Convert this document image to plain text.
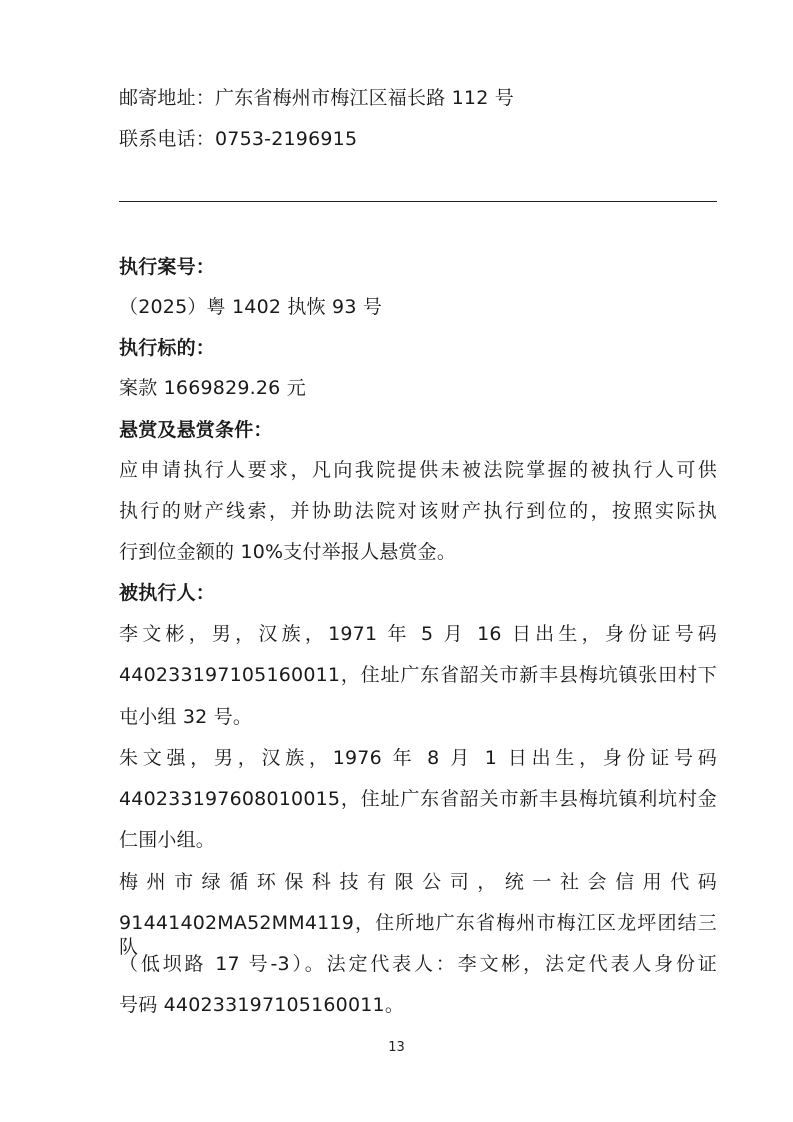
邮寄地址：广东省梅州市梅江区福长路 112 号
联系电话：0753-2196915
执行案号：
（2025）粤 1402 执恢 93 号
执行标的：
案款 1669829.26 元
悬赏及悬赏条件：
应申请执行人要求，凡向我院提供未被法院掌握的被执行人可供
执行的财产线索，并协助法院对该财产执行到位的，按照实际执
行到位金额的 10%支付举报人悬赏金。
被执行人：
李文彬，男，汉族，1971 年 5 月 16 日出生，身份证号码
440233197105160011，住址广东省韶关市新丰县梅坑镇张田村下
屯小组 32 号。
朱文强，男，汉族，1976 年 8 月 1 日出生，身份证号码
440233197608010015，住址广东省韶关市新丰县梅坑镇利坑村金
仁围小组。
梅州市绿循环保科技有限公司，统一社会信用代码
91441402MA52MM4119，住所地广东省梅州市梅江区龙坪团结三队
（低坝路 17 号-3）。法定代表人：李文彬，法定代表人身份证
号码 440233197105160011。
13
